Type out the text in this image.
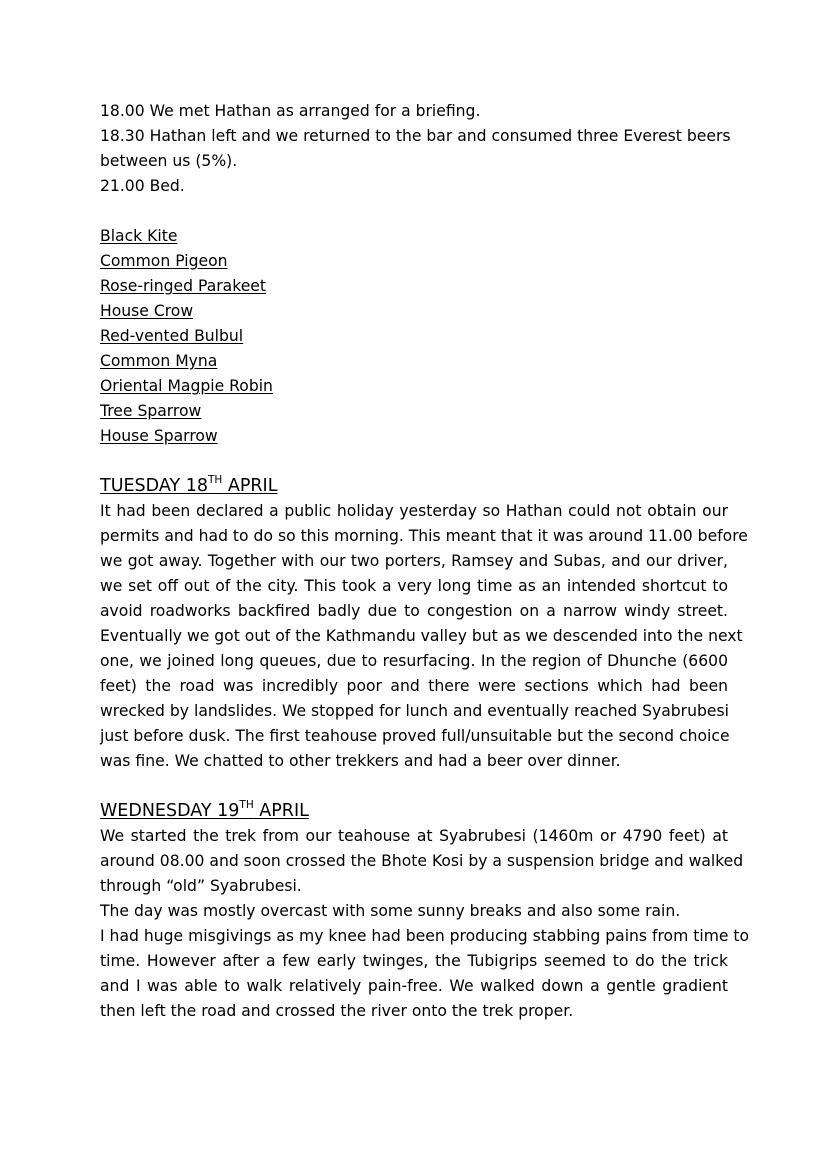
18.00 We met Hathan as arranged for a briefing.
18.30 Hathan left and we returned to the bar and consumed three Everest beers
between us (5%).
21.00 Bed.
Black Kite
Common Pigeon
Rose-ringed Parakeet
House Crow
Red-vented Bulbul
Common Myna
Oriental Magpie Robin
Tree Sparrow
House Sparrow
TUESDAY 18TH APRIL
It had been declared a public holiday yesterday so Hathan could not obtain our
permits and had to do so this morning. This meant that it was around 11.00 before
we got away. Together with our two porters, Ramsey and Subas, and our driver,
we set off out of the city. This took a very long time as an intended shortcut to
avoid roadworks backfired badly due to congestion on a narrow windy street.
Eventually we got out of the Kathmandu valley but as we descended into the next
one, we joined long queues, due to resurfacing. In the region of Dhunche (6600
feet) the road was incredibly poor and there were sections which had been
wrecked by landslides. We stopped for lunch and eventually reached Syabrubesi
just before dusk. The first teahouse proved full/unsuitable but the second choice
was fine. We chatted to other trekkers and had a beer over dinner.
WEDNESDAY 19TH APRIL
We started the trek from our teahouse at Syabrubesi (1460m or 4790 feet) at
around 08.00 and soon crossed the Bhote Kosi by a suspension bridge and walked
through “old” Syabrubesi.
The day was mostly overcast with some sunny breaks and also some rain.
I had huge misgivings as my knee had been producing stabbing pains from time to
time. However after a few early twinges, the Tubigrips seemed to do the trick
and I was able to walk relatively pain-free. We walked down a gentle gradient
then left the road and crossed the river onto the trek proper.
